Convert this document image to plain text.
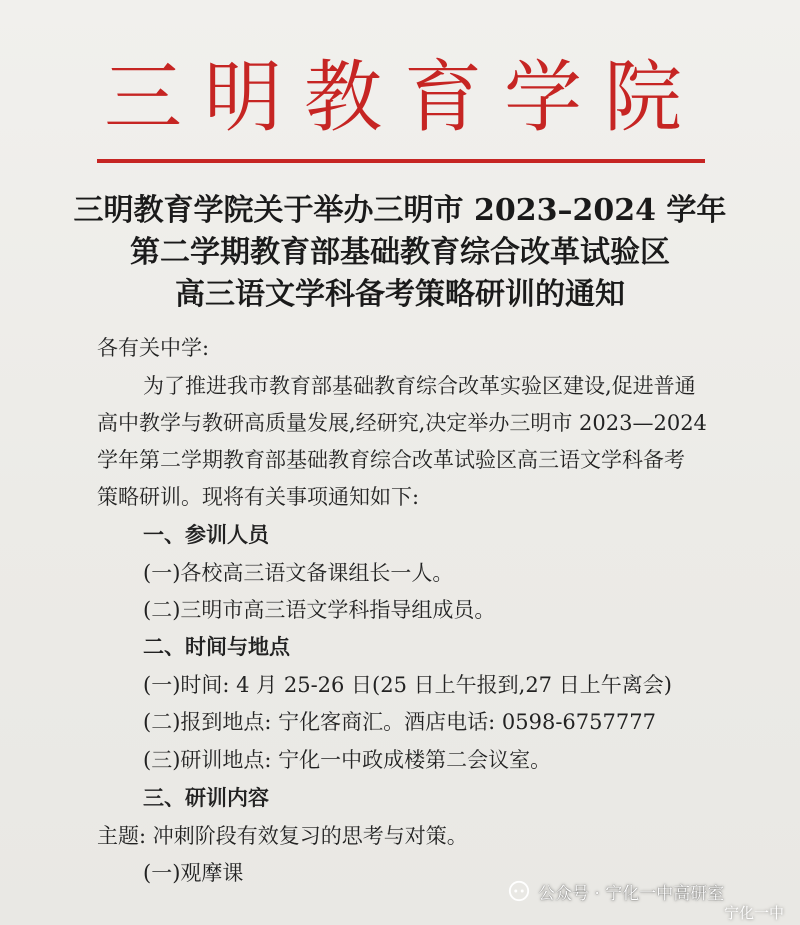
三明教育学院
三明教育学院关于举办三明市 2023–2024 学年
第二学期教育部基础教育综合改革试验区
高三语文学科备考策略研训的通知
各有关中学:
为了推进我市教育部基础教育综合改革实验区建设,促进普通
高中教学与教研高质量发展,经研究,决定举办三明市 2023—2024
学年第二学期教育部基础教育综合改革试验区高三语文学科备考
策略研训。现将有关事项通知如下:
一、参训人员
(一)各校高三语文备课组长一人。
(二)三明市高三语文学科指导组成员。
二、时间与地点
(一)时间: 4 月 25-26 日(25 日上午报到,27 日上午离会)
(二)报到地点: 宁化客商汇。酒店电话: 0598-6757777
(三)研训地点: 宁化一中政成楼第二会议室。
三、研训内容
主题: 冲刺阶段有效复习的思考与对策。
(一)观摩课
公众号 · 宁化一中高研室
宁化一中
